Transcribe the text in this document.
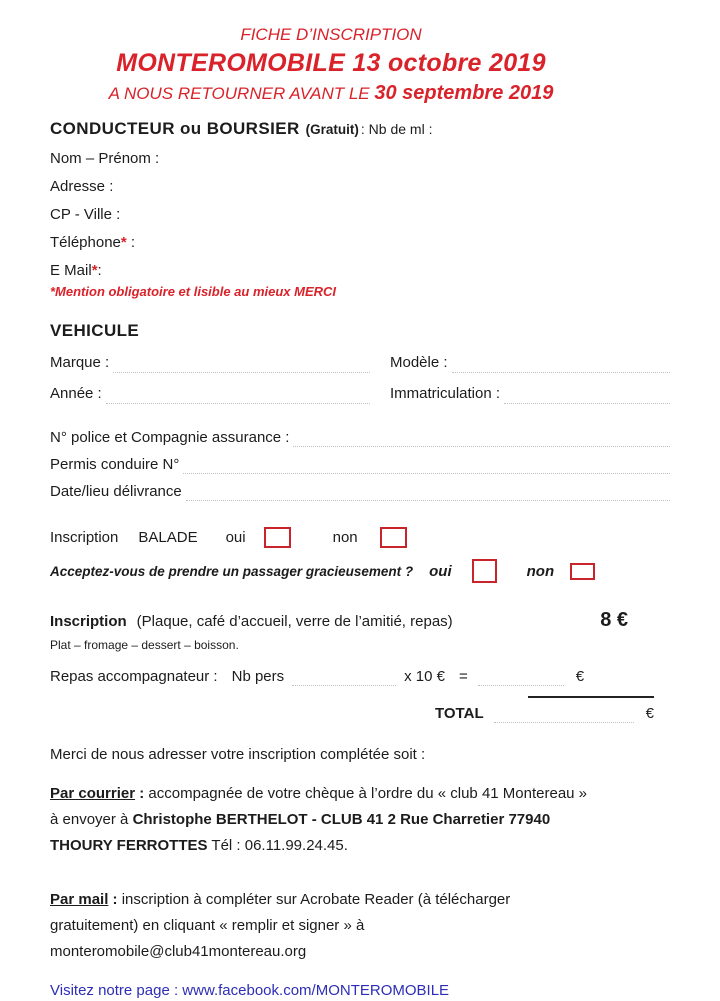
FICHE D’INSCRIPTION
MONTEROMOBILE 13 octobre 2019
A NOUS RETOURNER AVANT LE 30 septembre 2019
CONDUCTEUR ou BOURSIER (Gratuit) : Nb de ml :
Nom – Prénom :
Adresse :
CP - Ville :
Téléphone* :
E Mail*:
*Mention obligatoire et lisible au mieux MERCI
VEHICULE
Marque :	Modèle :
Année :	Immatriculation :
N° police et Compagnie assurance :
Permis conduire N°
Date/lieu délivrance
Inscription BALADE oui	non
Acceptez-vous de prendre un passager gracieusement ? oui	non
Inscription (Plaque, café d’accueil, verre de l’amitié, repas)	8 €
Plat – fromage – dessert – boisson.
Repas accompagnateur : Nb pers	x 10 € =	€
TOTAL	€
Merci de nous adresser votre inscription complétée soit :
Par courrier : accompagnée de votre chèque à l’ordre du « club 41 Montereau » à envoyer à Christophe BERTHELOT - CLUB 41 2 Rue Charretier 77940 THOURY FERROTTES Tél : 06.11.99.24.45.
Par mail : inscription à compléter sur Acrobate Reader (à télécharger gratuitement) en cliquant « remplir et signer » à monteromobile@club41montereau.org
Visitez notre page : www.facebook.com/MONTEROMOBILE
